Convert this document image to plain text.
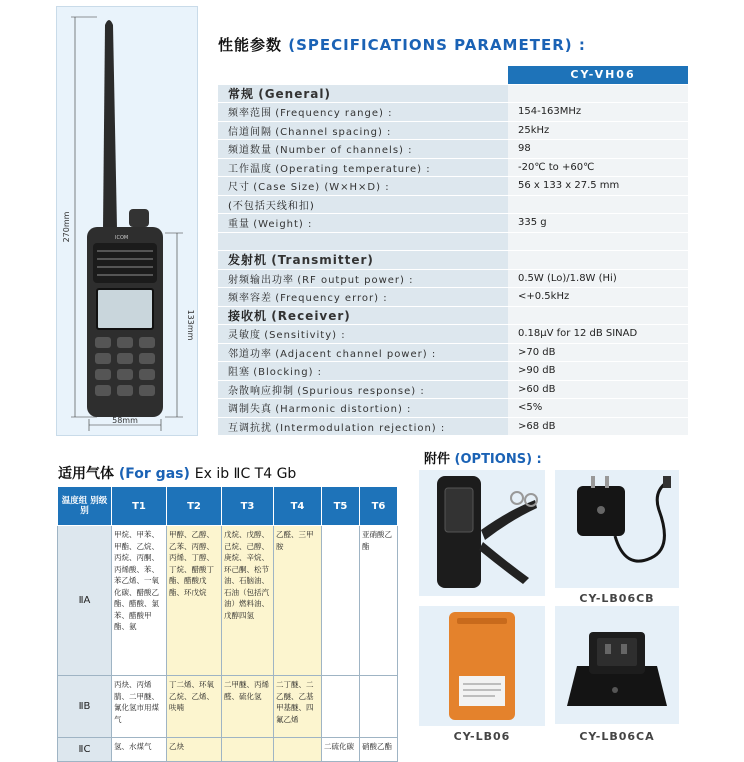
ICOM
270mm
133mm
58mm
性能参数 (SPECIFICATIONS PARAMETER) :
	CY-VH06
常规 (General)	
频率范围 (Frequency range) :	154-163MHz
信道间隔 (Channel spacing) :	25kHz
频道数量 (Number of channels) :	98
工作温度 (Operating temperature) :	-20℃ to +60℃
尺寸 (Case Size) (W×H×D) :	56 x 133 x 27.5 mm
(不包括天线和扣)	
重量 (Weight) :	335 g

发射机 (Transmitter)	
射频输出功率 (RF output power) :	0.5W (Lo)/1.8W (Hi)
频率容差 (Frequency error) :	<+0.5kHz
接收机 (Receiver)	
灵敏度 (Sensitivity) :	0.18μV for 12 dB SINAD
邻道功率 (Adjacent channel power) :	>70 dB
阻塞 (Blocking) :	>90 dB
杂散响应抑制 (Spurious response) :	>60 dB
调制失真 (Harmonic distortion) :	<5%
互调抗扰 (Intermodulation rejection) :	>68 dB
适用气体 (For gas) Ex ib ⅡC T4 Gb
温度组 别级别	T1	T2	T3	T4	T5	T6
ⅡA	甲烷、甲苯、甲酯、乙烷、丙烷、丙酮、丙烯酸、苯、苯乙烯、一氧化碳、醋酸乙酯、醋酸、氯苯、醋酸甲酯、氨	甲醇、乙醇、乙苯、丙醇、丙烯、丁醇、丁烷、醋酸丁酯、醋酸戊酯、环戊烷	戊烷、戊醇、己烷、己醇、庚烷、辛烷、环己酮、松节油、石脑油、石油（包括汽油）燃料油、戊醇四氢	乙醛、三甲胺		亚硝酸乙酯
ⅡB	丙炔、丙烯腈、二甲醚、氰化氢市用煤气	丁二烯、环氧乙烷、乙烯、呋喃	二甲醚、丙烯醛、硫化氢	二丁醚、二乙醚、乙基甲基醚、四氟乙烯		
ⅡC	氢、水煤气	乙炔			二硫化碳	硝酸乙酯
附件 (OPTIONS) :
CY-LB06CB
CY-LB06	CY-LB06CA
